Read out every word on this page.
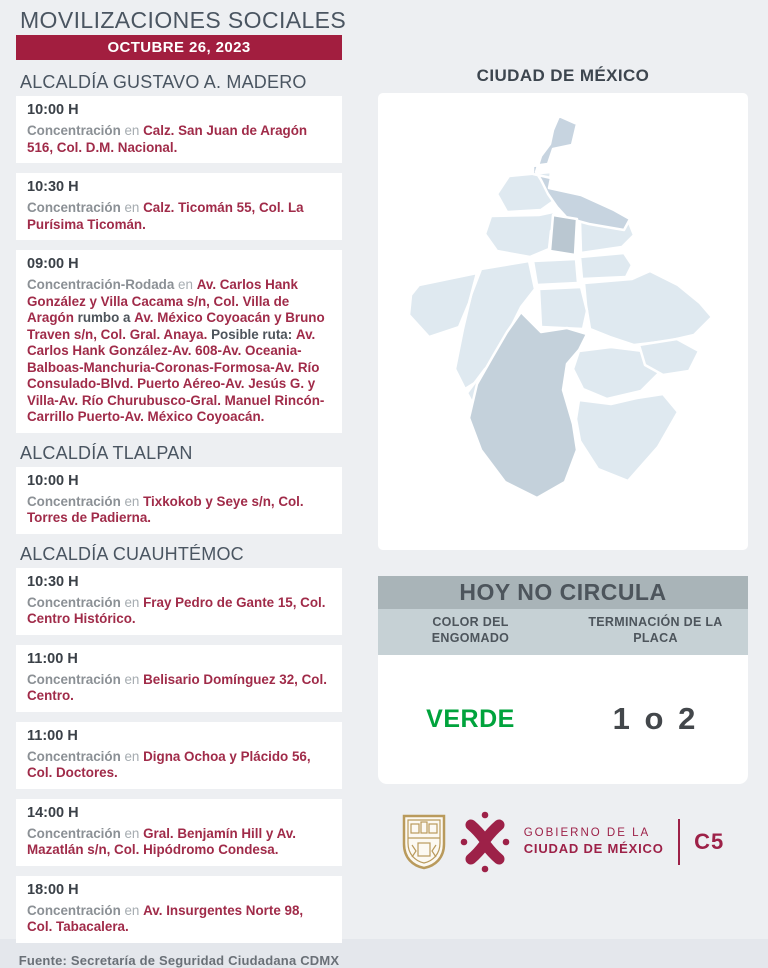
MOVILIZACIONES SOCIALES
OCTUBRE 26, 2023
ALCALDÍA GUSTAVO A. MADERO
10:00 H

Concentración en Calz. San Juan de Aragón 516, Col. D.M. Nacional.

10:30 H

Concentración en Calz. Ticomán 55, Col. La Purísima Ticomán.

09:00 H

Concentración-Rodada en Av. Carlos Hank González y Villa Cacama s/n, Col. Villa de Aragón rumbo a Av. México Coyoacán y Bruno Traven s/n, Col. Gral. Anaya. Posible ruta: Av. Carlos Hank González-Av. 608-Av. Oceania-Balboas-Manchuria-Coronas-Formosa-Av. Río Consulado-Blvd. Puerto Aéreo-Av. Jesús G. y Villa-Av. Río Churubusco-Gral. Manuel Rincón- Carrillo Puerto-Av. México Coyoacán.

ALCALDÍA TLALPAN
10:00 H

Concentración en Tixkokob y Seye s/n, Col. Torres de Padierna.

ALCALDÍA CUAUHTÉMOC
10:30 H

Concentración en Fray Pedro de Gante 15, Col. Centro Histórico.

11:00 H

Concentración en Belisario Domínguez 32, Col. Centro.

11:00 H

Concentración en Digna Ochoa y Plácido 56, Col. Doctores.

14:00 H

Concentración en Gral. Benjamín Hill y Av. Mazatlán s/n, Col. Hipódromo Condesa.

18:00 H

Concentración en Av. Insurgentes Norte 98, Col. Tabacalera.

Fuente: Secretaría de Seguridad Ciudadana CDMX
CIUDAD DE MÉXICO
HOY NO CIRCULA
COLOR DEL ENGOMADO
TERMINACIÓN DE LA PLACA
VERDE	1 o 2
GOBIERNO DE LA
CIUDAD DE MÉXICO C5
